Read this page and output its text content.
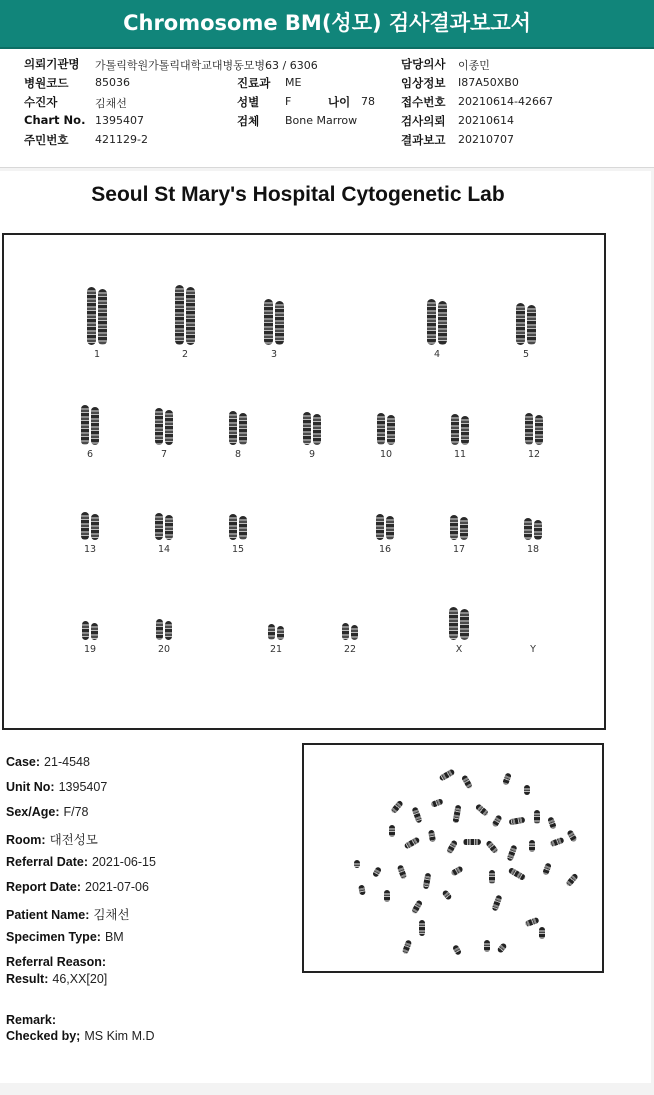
Chromosome BM(성모) 검사결과보고서
의뢰기관명 가톨릭학원가톨릭대학교대병동모병63 / 6306	담당의사 이종민
병원코드 85036	진료과 ME	임상정보 I87A50XB0
수진자	김채선	성별 F	나이 78 접수번호 20210614-42667
Chart No. 1395407	검체 Bone Marrow	검사의뢰 20210614
주민번호 421129-2	결과보고 20210707
Seoul St Mary's Hospital Cytogenetic Lab
1	2	3	4	5
6	7	8	9	10	11	12
13	14	15	16	17	18
19	20	21	22	X	Y
Case: 21-4548
Unit No: 1395407
Sex/Age: F/78
Room: 대전성모
Referral Date: 2021-06-15
Report Date: 2021-07-06
Patient Name: 김채선
Specimen Type: BM
Referral Reason:
Result: 46,XX[20]
Remark:
Checked by; MS Kim M.D
